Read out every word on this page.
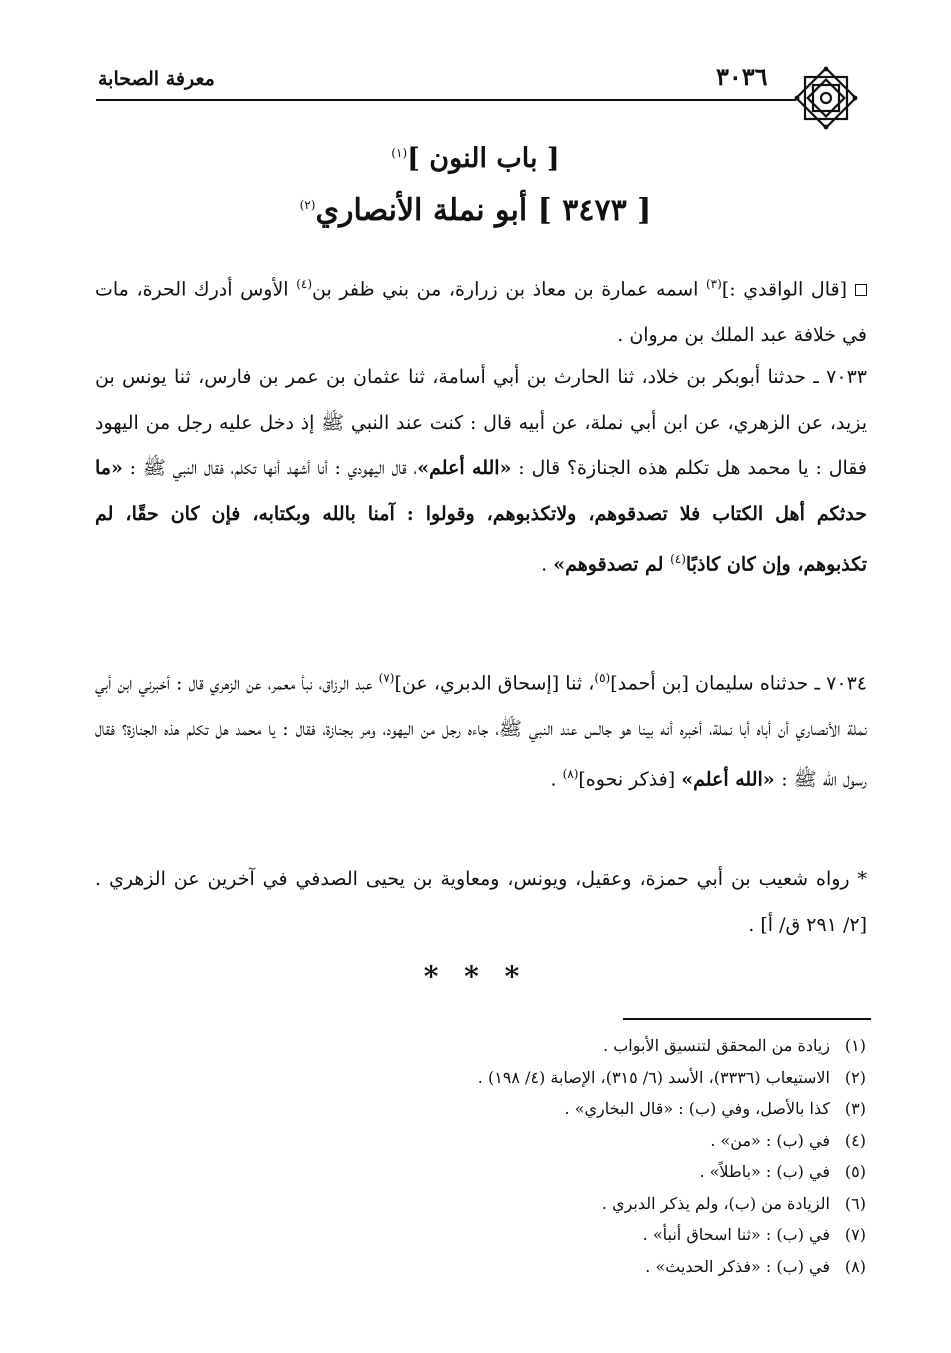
معرفة الصحابة	٣٠٣٦
[ باب النون ]$^{(١)}$
[ ٣٤٧٣ ] أبو نملة الأنصاري$^{(٢)}$
[قال الواقدي :]$^{(٣)}$ اسمه عمارة بن معاذ بن زرارة، من بني ظفر بن$^{(٤)}$ الأوس أدرك الحرة، مات في خلافة عبد الملك بن مروان .
٧٠٣٣ ـ حدثنا أبوبكر بن خلاد، ثنا الحارث بن أبي أسامة، ثنا عثمان بن عمر بن فارس، ثنا يونس بن يزيد، عن الزهري، عن ابن أبي نملة، عن أبيه قال : كنت عند النبي ﷺ إذ دخل عليه رجل من اليهود فقال : يا محمد هل تكلم هذه الجنازة؟ قال : «الله أعلم»، قال اليهودي : أنا أشهد أنها تكلم، فقال النبي ﷺ : «ما حدثكم أهل الكتاب فلا تصدقوهم، ولاتكذبوهم، وقولوا : آمنا بالله وبكتابه، فإن كان حقًا، لم تكذبوهم، وإن كان كاذبًا$^{(٤)}$ لم تصدقوهم» .
٧٠٣٤ ـ حدثناه سليمان [بن أحمد]$^{(٥)}$، ثنا [إسحاق الدبري، عن]$^{(٧)}$ عبد الرزاق، نبأ معمر، عن الزهري قال : أخبرني ابن أبي نملة الأنصاري أن أباه أبا نملة، أخبره أنه بينا هو جالس عند النبي ﷺ، جاءه رجل من اليهود، ومر بجنازة، فقال : يا محمد هل تكلم هذه الجنازة؟ فقال رسول الله ﷺ : «الله أعلم» [فذكر نحوه]$^{(٨)}$ .
* رواه شعيب بن أبي حمزة، وعقيل، ويونس، ومعاوية بن يحيى الصدفي في آخرين عن الزهري . [٢/ ٢٩١ ق/ أ] .
* * *
(١)زيادة من المحقق لتنسيق الأبواب .
(٢)الاستيعاب (٣٣٣٦)، الأسد (٦/ ٣١٥)، الإصابة (٤/ ١٩٨) .
(٣)كذا بالأصل، وفي (ب) : «قال البخاري» .
(٤)في (ب) : «من» .
(٥)في (ب) : «باطلاً» .
(٦)الزيادة من (ب)، ولم يذكر الدبري .
(٧)في (ب) : «ثنا اسحاق أنبأ» .
(٨)في (ب) : «فذكر الحديث» .
